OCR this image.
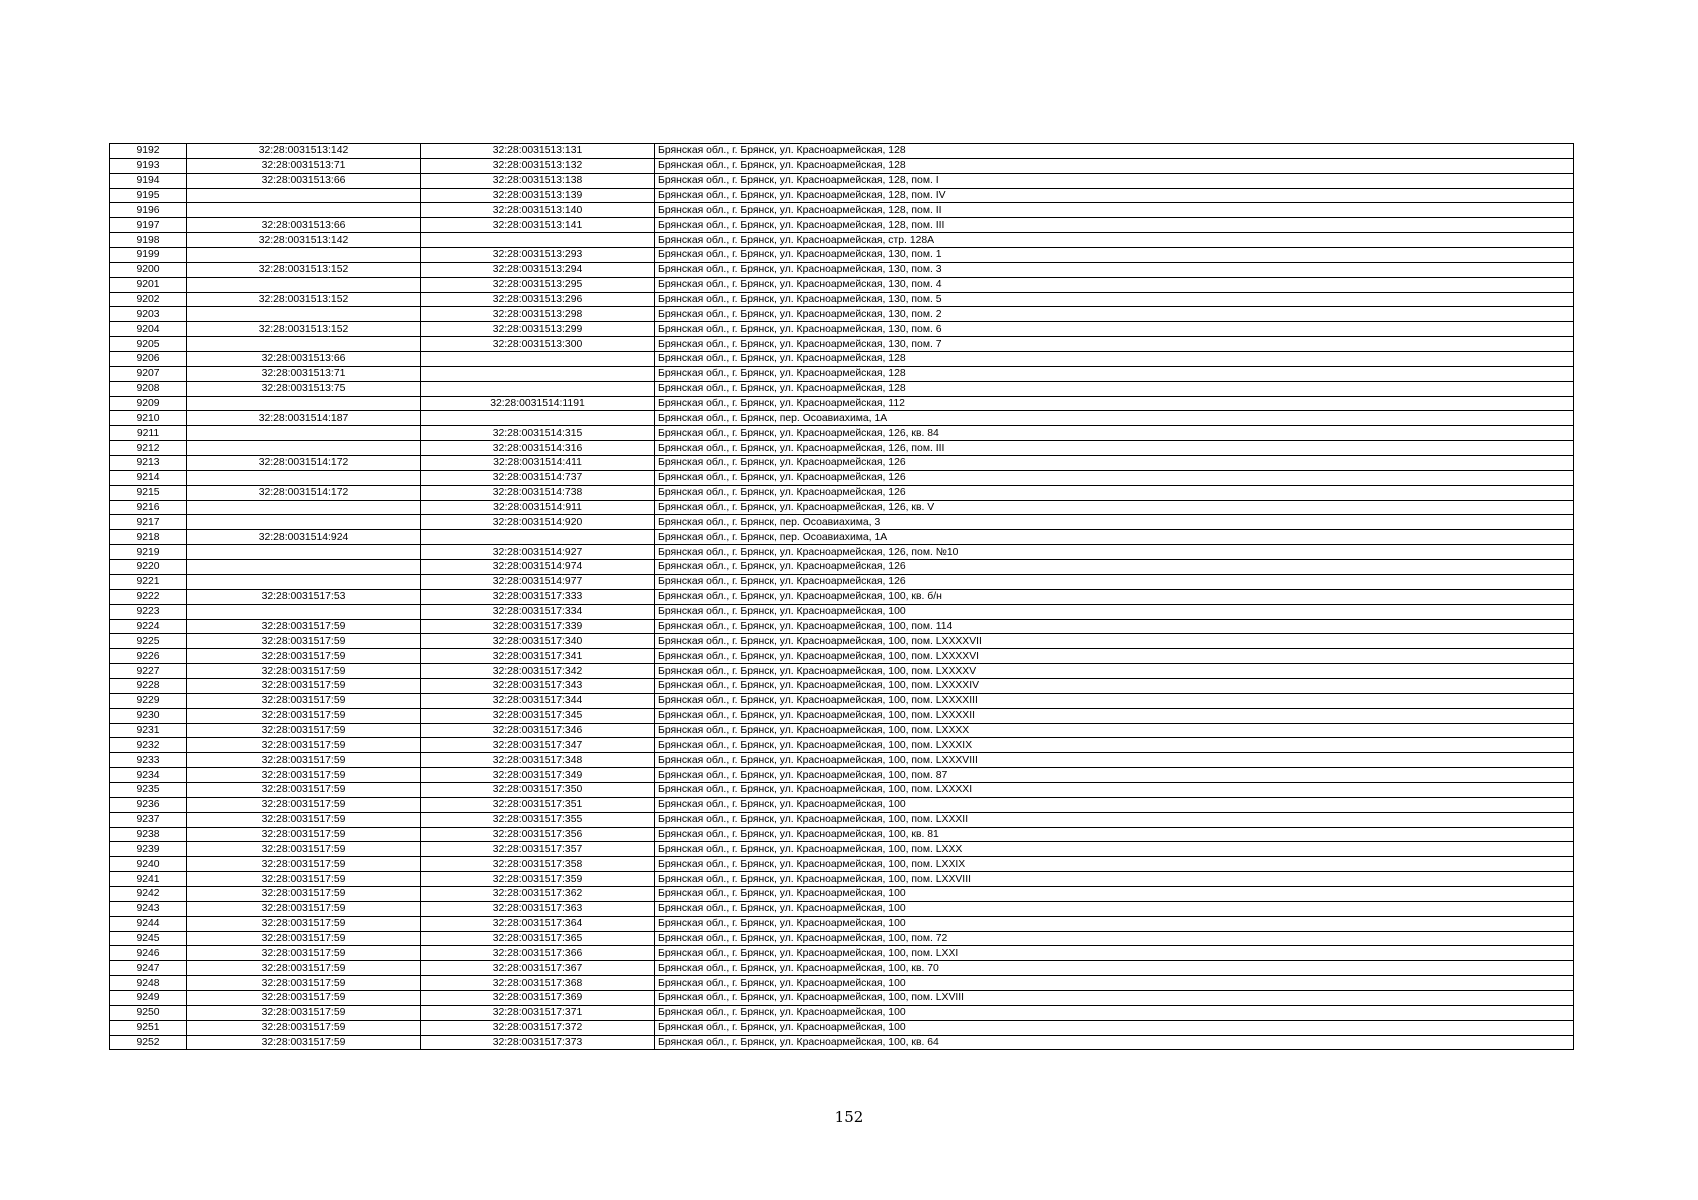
9192	32:28:0031513:142	32:28:0031513:131	Брянская обл., г. Брянск, ул. Красноармейская, 128
9193	32:28:0031513:71	32:28:0031513:132	Брянская обл., г. Брянск, ул. Красноармейская, 128
9194	32:28:0031513:66	32:28:0031513:138	Брянская обл., г. Брянск, ул. Красноармейская, 128, пом. I
9195		32:28:0031513:139	Брянская обл., г. Брянск, ул. Красноармейская, 128, пом. IV
9196		32:28:0031513:140	Брянская обл., г. Брянск, ул. Красноармейская, 128, пом. II
9197	32:28:0031513:66	32:28:0031513:141	Брянская обл., г. Брянск, ул. Красноармейская, 128, пом. III
9198	32:28:0031513:142		Брянская обл., г. Брянск, ул. Красноармейская, стр. 128А
9199		32:28:0031513:293	Брянская обл., г. Брянск, ул. Красноармейская, 130, пом. 1
9200	32:28:0031513:152	32:28:0031513:294	Брянская обл., г. Брянск, ул. Красноармейская, 130, пом. 3
9201		32:28:0031513:295	Брянская обл., г. Брянск, ул. Красноармейская, 130, пом. 4
9202	32:28:0031513:152	32:28:0031513:296	Брянская обл., г. Брянск, ул. Красноармейская, 130, пом. 5
9203		32:28:0031513:298	Брянская обл., г. Брянск, ул. Красноармейская, 130, пом. 2
9204	32:28:0031513:152	32:28:0031513:299	Брянская обл., г. Брянск, ул. Красноармейская, 130, пом. 6
9205		32:28:0031513:300	Брянская обл., г. Брянск, ул. Красноармейская, 130, пом. 7
9206	32:28:0031513:66		Брянская обл., г. Брянск, ул. Красноармейская, 128
9207	32:28:0031513:71		Брянская обл., г. Брянск, ул. Красноармейская, 128
9208	32:28:0031513:75		Брянская обл., г. Брянск, ул. Красноармейская, 128
9209		32:28:0031514:1191	Брянская обл., г. Брянск, ул. Красноармейская, 112
9210	32:28:0031514:187		Брянская обл., г. Брянск, пер. Осоавиахима, 1А
9211		32:28:0031514:315	Брянская обл., г. Брянск, ул. Красноармейская, 126, кв. 84
9212		32:28:0031514:316	Брянская обл., г. Брянск, ул. Красноармейская, 126, пом. III
9213	32:28:0031514:172	32:28:0031514:411	Брянская обл., г. Брянск, ул. Красноармейская, 126
9214		32:28:0031514:737	Брянская обл., г. Брянск, ул. Красноармейская, 126
9215	32:28:0031514:172	32:28:0031514:738	Брянская обл., г. Брянск, ул. Красноармейская, 126
9216		32:28:0031514:911	Брянская обл., г. Брянск, ул. Красноармейская, 126, кв. V
9217		32:28:0031514:920	Брянская обл., г. Брянск, пер. Осоавиахима, 3
9218	32:28:0031514:924		Брянская обл., г. Брянск, пер. Осоавиахима, 1А
9219		32:28:0031514:927	Брянская обл., г. Брянск, ул. Красноармейская, 126, пом. №10
9220		32:28:0031514:974	Брянская обл., г. Брянск, ул. Красноармейская, 126
9221		32:28:0031514:977	Брянская обл., г. Брянск, ул. Красноармейская, 126
9222	32:28:0031517:53	32:28:0031517:333	Брянская обл., г. Брянск, ул. Красноармейская, 100, кв. б/н
9223		32:28:0031517:334	Брянская обл., г. Брянск, ул. Красноармейская, 100
9224	32:28:0031517:59	32:28:0031517:339	Брянская обл., г. Брянск, ул. Красноармейская, 100, пом. 114
9225	32:28:0031517:59	32:28:0031517:340	Брянская обл., г. Брянск, ул. Красноармейская, 100, пом. LXXXXVII
9226	32:28:0031517:59	32:28:0031517:341	Брянская обл., г. Брянск, ул. Красноармейская, 100, пом. LXXXXVI
9227	32:28:0031517:59	32:28:0031517:342	Брянская обл., г. Брянск, ул. Красноармейская, 100, пом. LXXXXV
9228	32:28:0031517:59	32:28:0031517:343	Брянская обл., г. Брянск, ул. Красноармейская, 100, пом. LXXXXIV
9229	32:28:0031517:59	32:28:0031517:344	Брянская обл., г. Брянск, ул. Красноармейская, 100, пом. LXXXXIII
9230	32:28:0031517:59	32:28:0031517:345	Брянская обл., г. Брянск, ул. Красноармейская, 100, пом. LXXXXII
9231	32:28:0031517:59	32:28:0031517:346	Брянская обл., г. Брянск, ул. Красноармейская, 100, пом. LXXXX
9232	32:28:0031517:59	32:28:0031517:347	Брянская обл., г. Брянск, ул. Красноармейская, 100, пом. LXXXIX
9233	32:28:0031517:59	32:28:0031517:348	Брянская обл., г. Брянск, ул. Красноармейская, 100, пом. LXXXVIII
9234	32:28:0031517:59	32:28:0031517:349	Брянская обл., г. Брянск, ул. Красноармейская, 100, пом. 87
9235	32:28:0031517:59	32:28:0031517:350	Брянская обл., г. Брянск, ул. Красноармейская, 100, пом. LXXXXI
9236	32:28:0031517:59	32:28:0031517:351	Брянская обл., г. Брянск, ул. Красноармейская, 100
9237	32:28:0031517:59	32:28:0031517:355	Брянская обл., г. Брянск, ул. Красноармейская, 100, пом. LXXXII
9238	32:28:0031517:59	32:28:0031517:356	Брянская обл., г. Брянск, ул. Красноармейская, 100, кв. 81
9239	32:28:0031517:59	32:28:0031517:357	Брянская обл., г. Брянск, ул. Красноармейская, 100, пом. LXXX
9240	32:28:0031517:59	32:28:0031517:358	Брянская обл., г. Брянск, ул. Красноармейская, 100, пом. LXXIX
9241	32:28:0031517:59	32:28:0031517:359	Брянская обл., г. Брянск, ул. Красноармейская, 100, пом. LXXVIII
9242	32:28:0031517:59	32:28:0031517:362	Брянская обл., г. Брянск, ул. Красноармейская, 100
9243	32:28:0031517:59	32:28:0031517:363	Брянская обл., г. Брянск, ул. Красноармейская, 100
9244	32:28:0031517:59	32:28:0031517:364	Брянская обл., г. Брянск, ул. Красноармейская, 100
9245	32:28:0031517:59	32:28:0031517:365	Брянская обл., г. Брянск, ул. Красноармейская, 100, пом. 72
9246	32:28:0031517:59	32:28:0031517:366	Брянская обл., г. Брянск, ул. Красноармейская, 100, пом. LXXI
9247	32:28:0031517:59	32:28:0031517:367	Брянская обл., г. Брянск, ул. Красноармейская, 100, кв. 70
9248	32:28:0031517:59	32:28:0031517:368	Брянская обл., г. Брянск, ул. Красноармейская, 100
9249	32:28:0031517:59	32:28:0031517:369	Брянская обл., г. Брянск, ул. Красноармейская, 100, пом. LXVIII
9250	32:28:0031517:59	32:28:0031517:371	Брянская обл., г. Брянск, ул. Красноармейская, 100
9251	32:28:0031517:59	32:28:0031517:372	Брянская обл., г. Брянск, ул. Красноармейская, 100
9252	32:28:0031517:59	32:28:0031517:373	Брянская обл., г. Брянск, ул. Красноармейская, 100, кв. 64
152
